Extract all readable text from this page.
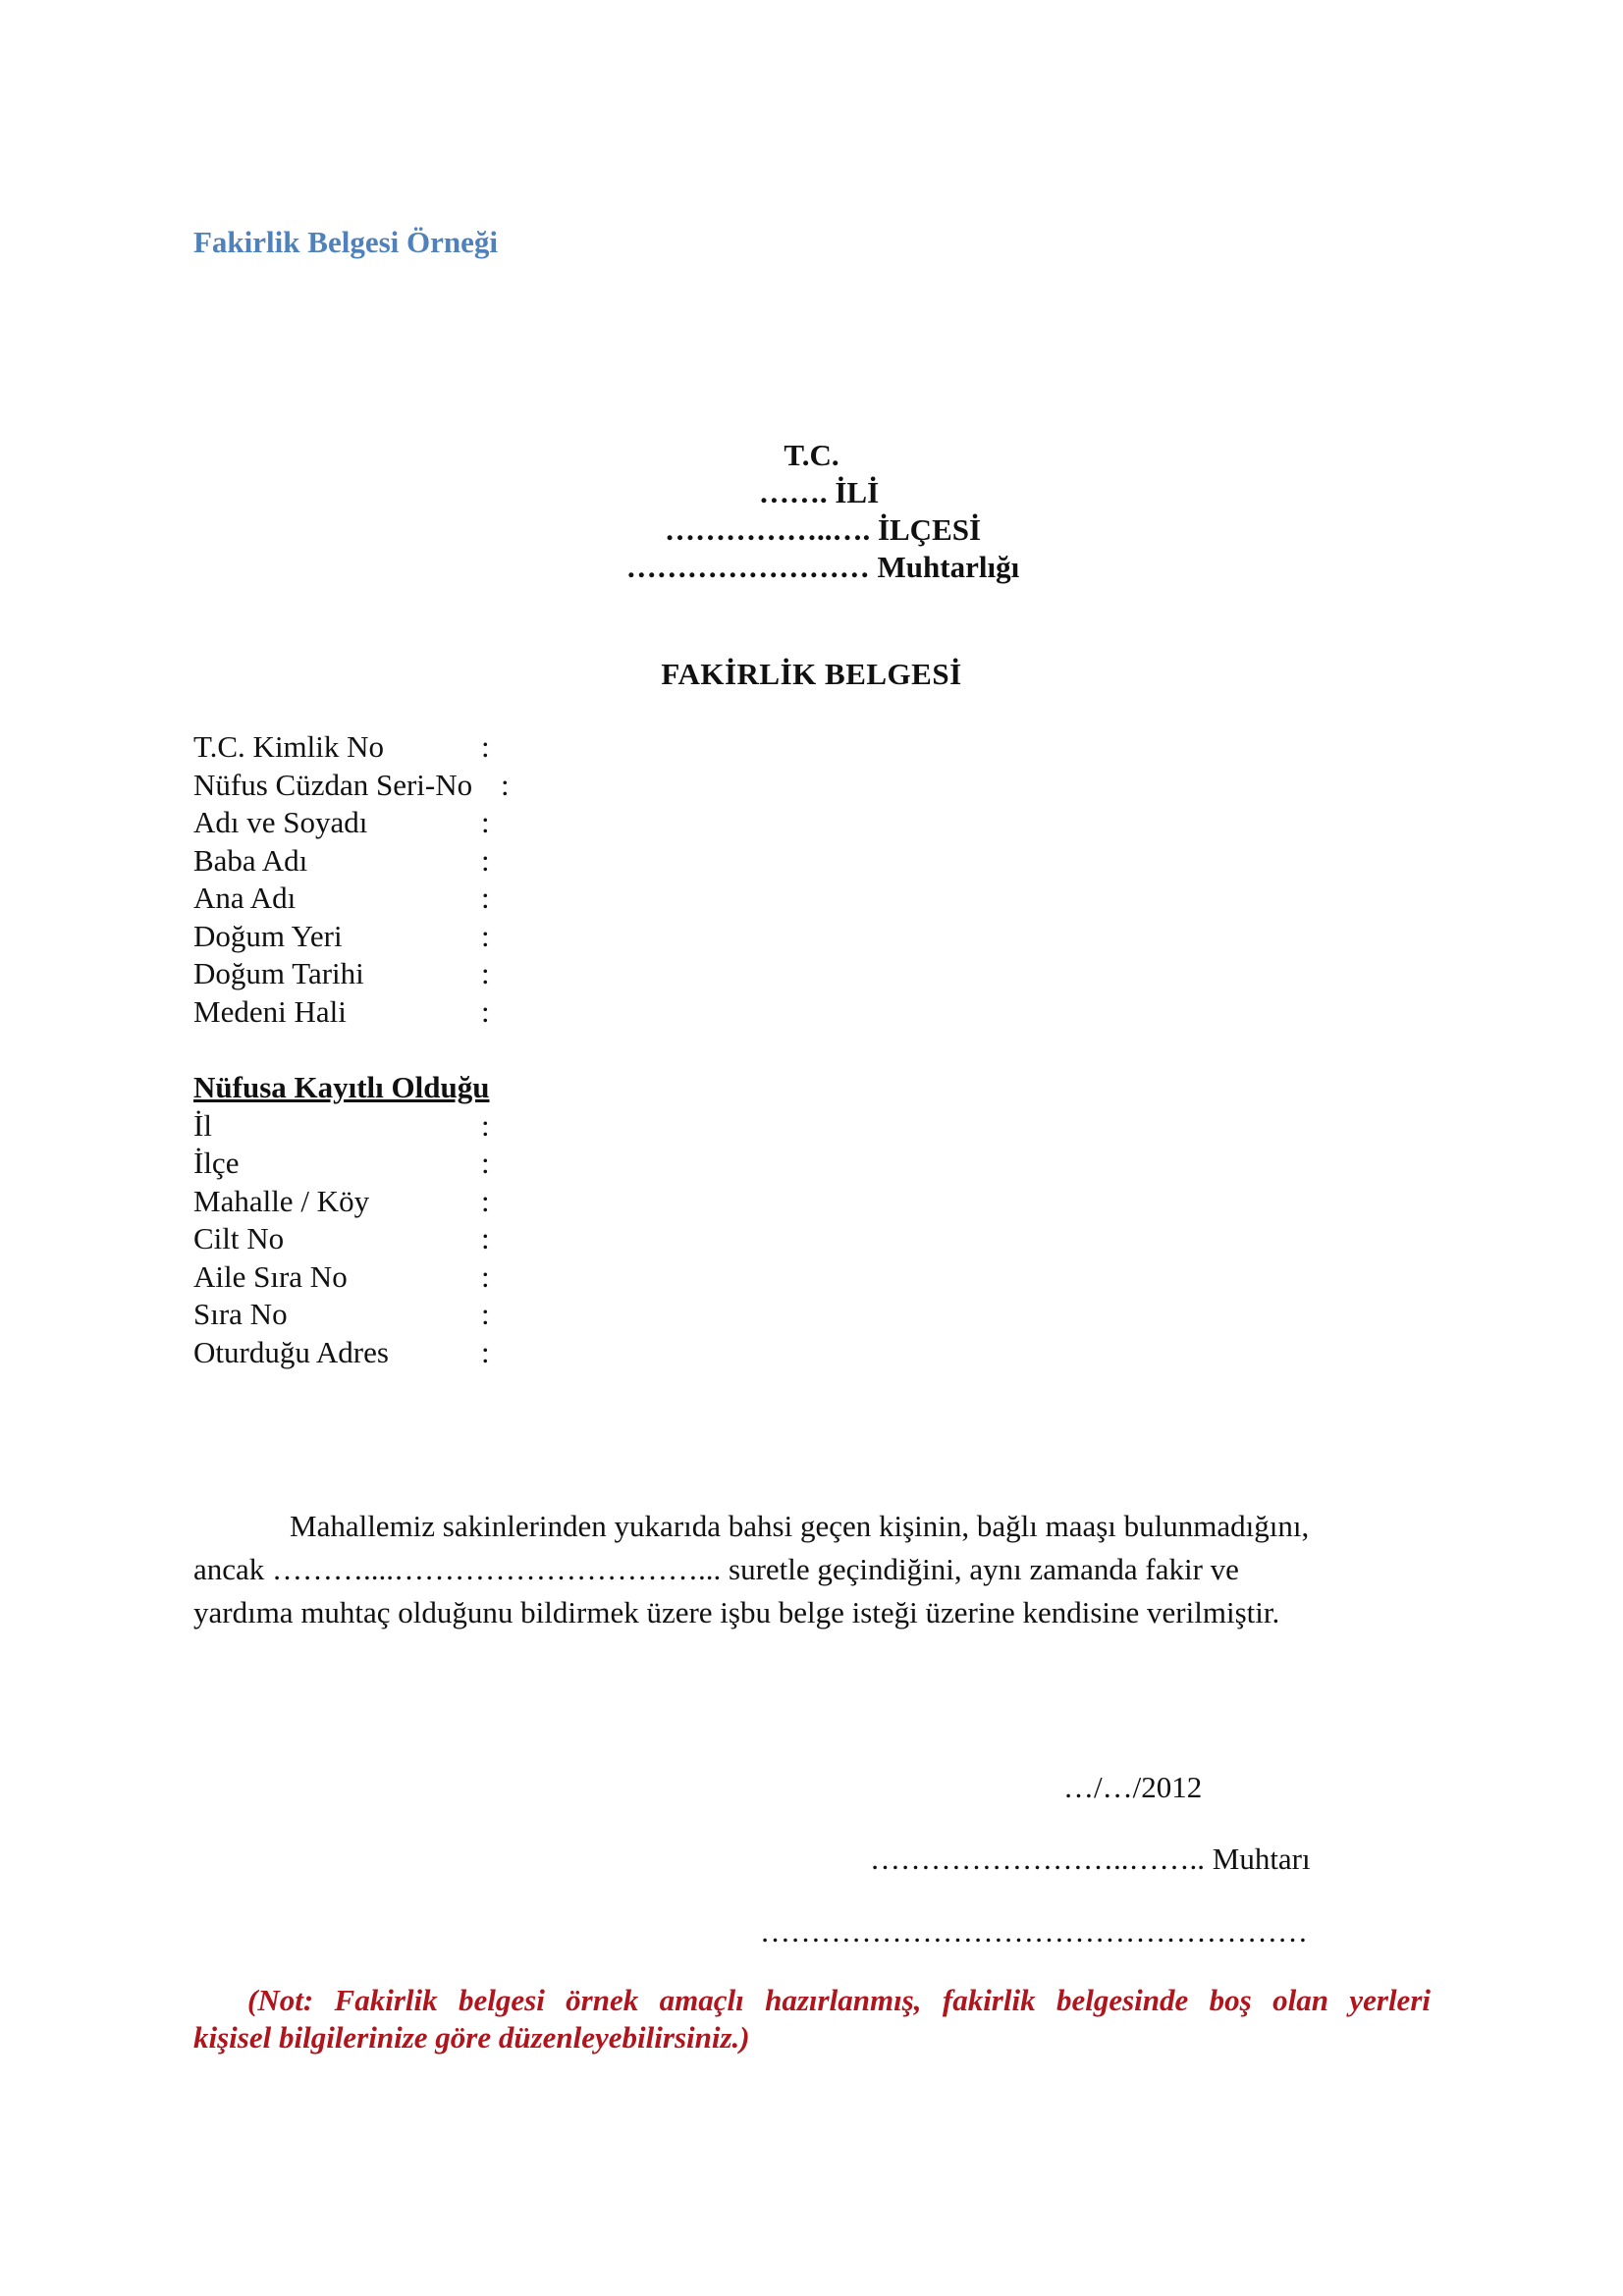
Fakirlik Belgesi Örneği
T.C.
……. İLİ
……………..…. İLÇESİ
…………………… Muhtarlığı
FAKİRLİK BELGESİ
T.C. Kimlik No	:
Nüfus Cüzdan Seri-No :
Adı ve Soyadı	:
Baba Adı	:
Ana Adı	:
Doğum Yeri	:
Doğum Tarihi	:
Medeni Hali	:
Nüfusa Kayıtlı Olduğu
İl	:
İlçe	:
Mahalle / Köy	:
Cilt No	:
Aile Sıra No	:
Sıra No	:
Oturduğu Adres	:

Mahallemiz sakinlerinden yukarıda bahsi geçen kişinin, bağlı maaşı bulunmadığını,
ancak ………....…………………………... suretle geçindiğini, aynı zamanda fakir ve
yardıma muhtaç olduğunu bildirmek üzere işbu belge isteği üzerine kendisine verilmiştir.

…/…/2012
……………………..…….. Muhtarı
………………………………………………

(Not: Fakirlik belgesi örnek amaçlı hazırlanmış, fakirlik belgesinde boş olan yerleri
kişisel bilgilerinize göre düzenleyebilirsiniz.)
